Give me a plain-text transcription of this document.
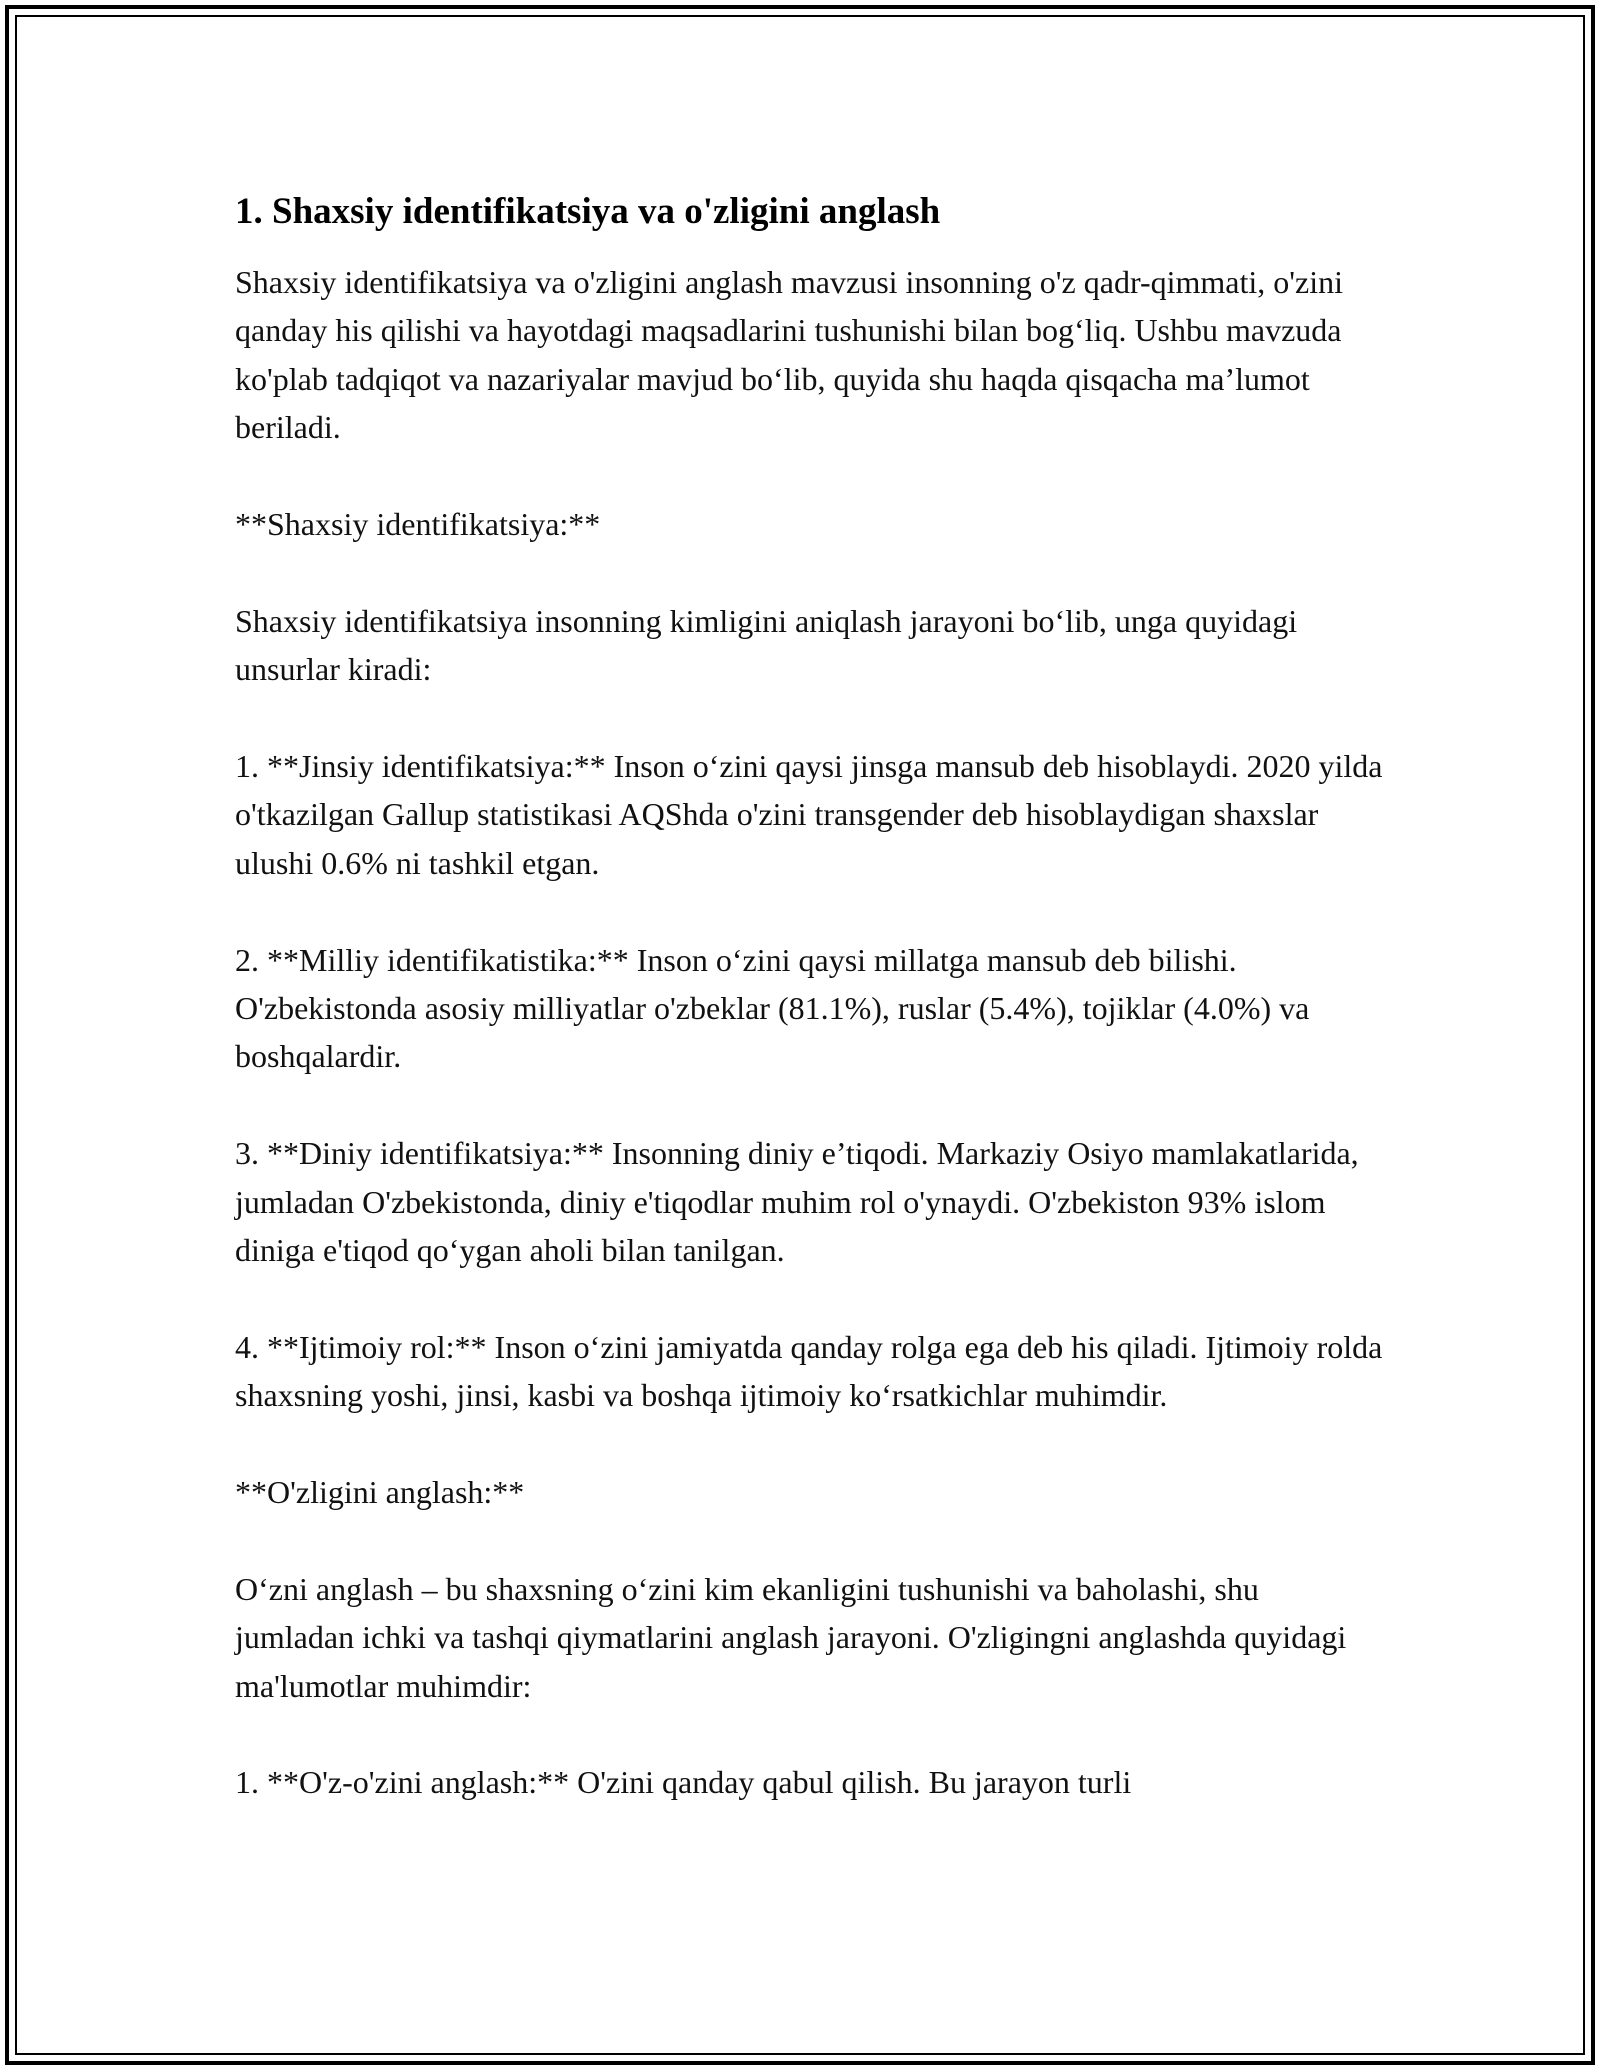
1. Shaxsiy identifikatsiya va o'zligini anglash

Shaxsiy identifikatsiya va o'zligini anglash mavzusi insonning o'z qadr-qimmati, o'zini qanday his qilishi va hayotdagi maqsadlarini tushunishi bilan bog‘liq. Ushbu mavzuda ko'plab tadqiqot va nazariyalar mavjud bo‘lib, quyida shu haqda qisqacha ma’lumot beriladi.

**Shaxsiy identifikatsiya:**

Shaxsiy identifikatsiya insonning kimligini aniqlash jarayoni bo‘lib, unga quyidagi unsurlar kiradi:

1. **Jinsiy identifikatsiya:** Inson o‘zini qaysi jinsga mansub deb hisoblaydi. 2020 yilda o'tkazilgan Gallup statistikasi AQShda o'zini transgender deb hisoblaydigan shaxslar ulushi 0.6% ni tashkil etgan.

2. **Milliy identifikatistika:** Inson o‘zini qaysi millatga mansub deb bilishi. O'zbekistonda asosiy milliyatlar o'zbeklar (81.1%), ruslar (5.4%), tojiklar (4.0%) va boshqalardir.

3. **Diniy identifikatsiya:** Insonning diniy e’tiqodi. Markaziy Osiyo mamlakatlarida, jumladan O'zbekistonda, diniy e'tiqodlar muhim rol o'ynaydi. O'zbekiston 93% islom diniga e'tiqod qo‘ygan aholi bilan tanilgan.

4. **Ijtimoiy rol:** Inson o‘zini jamiyatda qanday rolga ega deb his qiladi. Ijtimoiy rolda shaxsning yoshi, jinsi, kasbi va boshqa ijtimoiy ko‘rsatkichlar muhimdir.

**O'zligini anglash:**

O‘zni anglash – bu shaxsning o‘zini kim ekanligini tushunishi va baholashi, shu jumladan ichki va tashqi qiymatlarini anglash jarayoni. O'zligingni anglashda quyidagi ma'lumotlar muhimdir:

1. **O'z-o'zini anglash:** O'zini qanday qabul qilish. Bu jarayon turli
